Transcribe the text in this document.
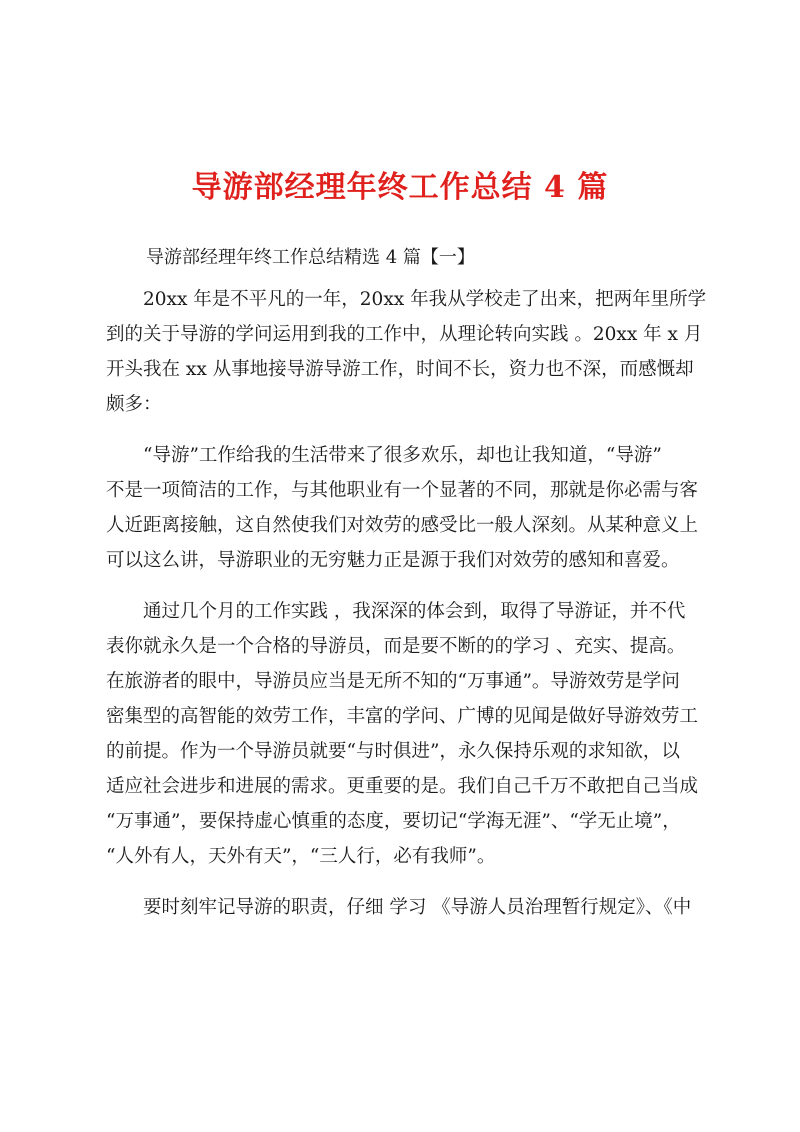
导游部经理年终工作总结 4 篇
导游部经理年终工作总结精选 4 篇【一】
　　20xx 年是不平凡的一年，20xx 年我从学校走了出来，把两年里所学
到的关于导游的学问运用到我的工作中，从理论转向实践 。20xx 年 x 月
开头我在 xx 从事地接导游导游工作，时间不长，资力也不深，而感慨却
颇多：
　　“导游”工作给我的生活带来了很多欢乐，却也让我知道，“导游”
不是一项简洁的工作，与其他职业有一个显著的不同，那就是你必需与客
人近距离接触，这自然使我们对效劳的感受比一般人深刻。从某种意义上
可以这么讲，导游职业的无穷魅力正是源于我们对效劳的感知和喜爱。
　　通过几个月的工作实践 ，我深深的体会到，取得了导游证，并不代
表你就永久是一个合格的导游员，而是要不断的的学习 、充实、提高。
在旅游者的眼中，导游员应当是无所不知的“万事通”。导游效劳是学问
密集型的高智能的效劳工作，丰富的学问、广博的见闻是做好导游效劳工
的前提。作为一个导游员就要“与时俱进”，永久保持乐观的求知欲，以
适应社会进步和进展的需求。更重要的是。我们自己千万不敢把自己当成
“万事通”，要保持虚心慎重的态度，要切记“学海无涯”、“学无止境”，
“人外有人，天外有天”，“三人行，必有我师”。
　　要时刻牢记导游的职责，仔细 学习 《导游人员治理暂行规定》、《中
